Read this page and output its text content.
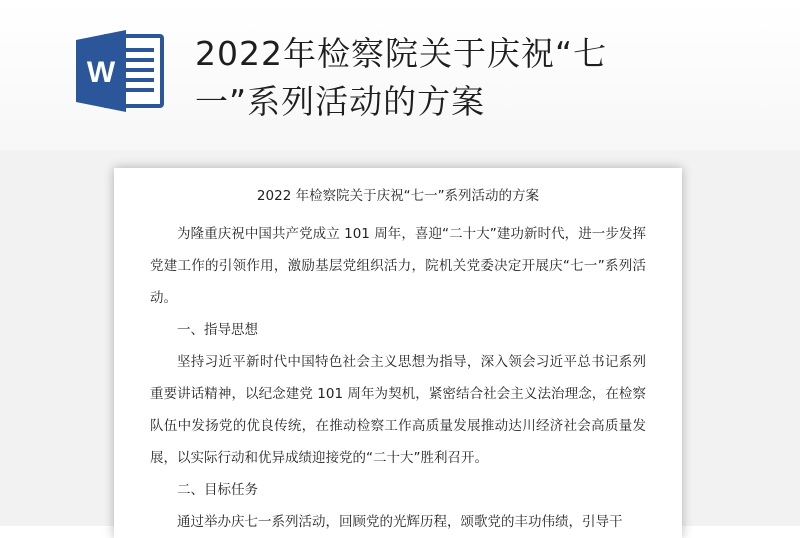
W 2022年检察院关于庆祝“七一”系列活动的方案

2022 年检察院关于庆祝“七一”系列活动的方案

为隆重庆祝中国共产党成立 101 周年，喜迎“二十大”建功新时代，进一步发挥党建工作的引领作用，激励基层党组织活力，院机关党委决定开展庆“七一”系列活动。

一、指导思想

坚持习近平新时代中国特色社会主义思想为指导，深入领会习近平总书记系列重要讲话精神，以纪念建党 101 周年为契机，紧密结合社会主义法治理念，在检察队伍中发扬党的优良传统，在推动检察工作高质量发展推动达川经济社会高质量发展，以实际行动和优异成绩迎接党的“二十大”胜利召开。

二、目标任务

通过举办庆七一系列活动，回顾党的光辉历程，颂歌党的丰功伟绩，引导干
